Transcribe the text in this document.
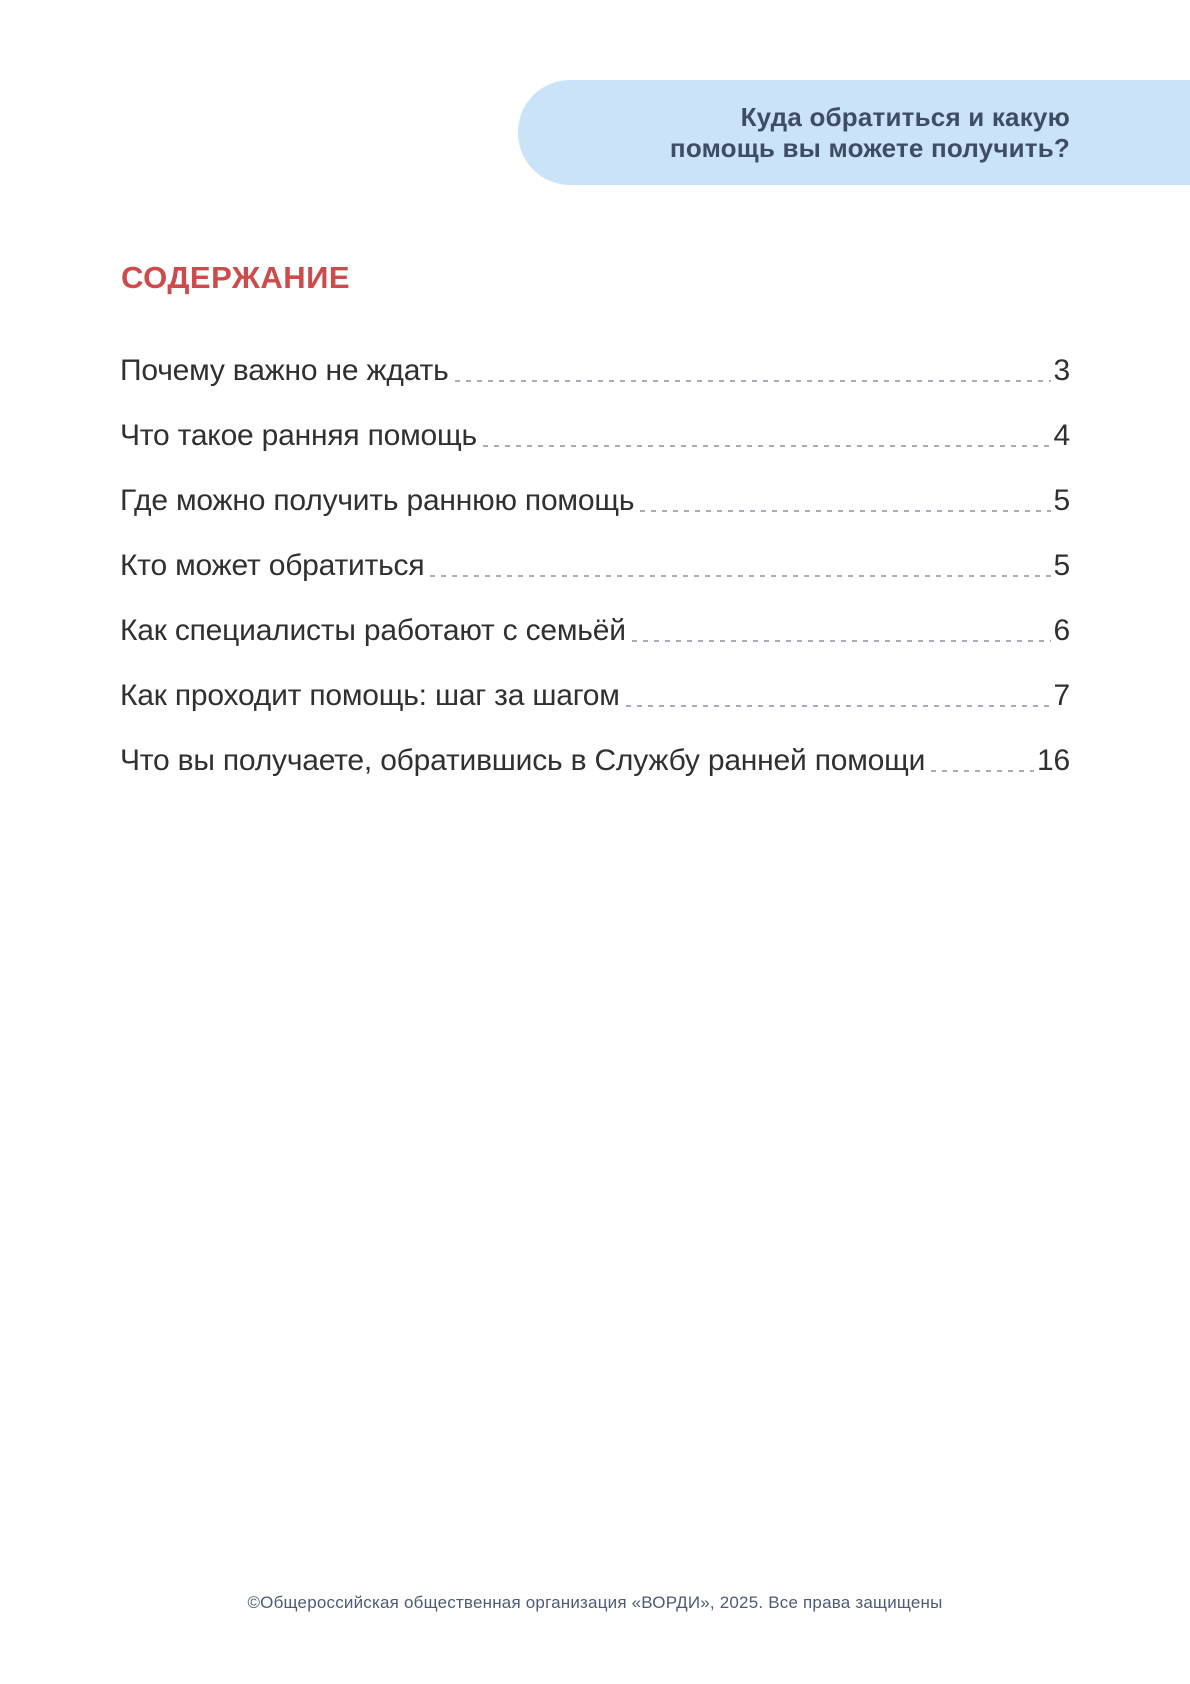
Куда обратиться и какую
помощь вы можете получить?
СОДЕРЖАНИЕ
Почему важно не ждать	3
Что такое ранняя помощь	4
Где можно получить раннюю помощь	5
Кто может обратиться	5
Как специалисты работают с семьёй	6
Как проходит помощь: шаг за шагом	7
Что вы получаете, обратившись в Службу ранней помощи	16
©Общероссийская общественная организация «ВОРДИ», 2025. Все права защищены
